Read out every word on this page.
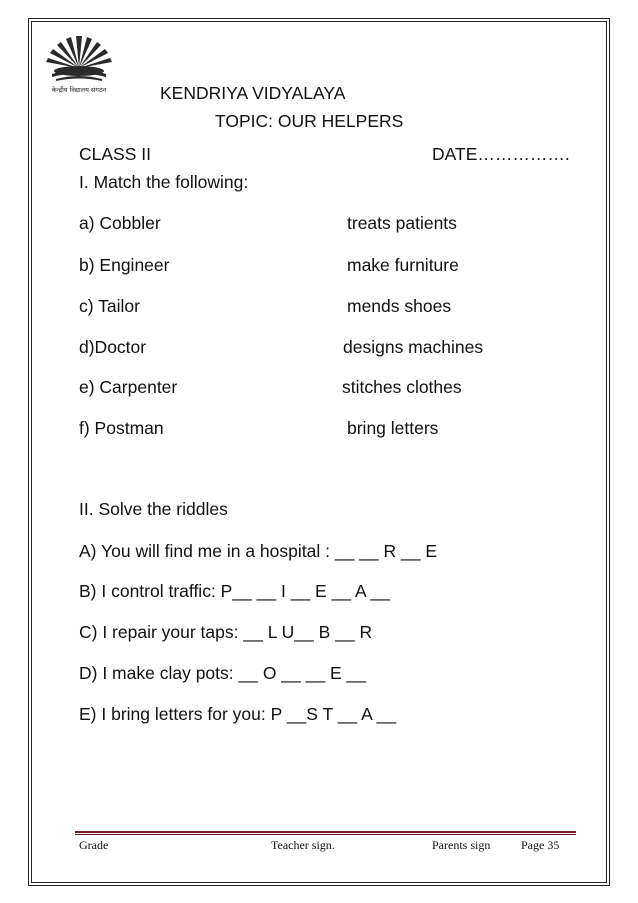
केन्द्रीय विद्यालय संगठन	KENDRIYA VIDYALAYA
TOPIC: OUR HELPERS
CLASS II	DATE…………….
I. Match the following:
a) Cobbler	treats patients
b) Engineer	make furniture
c) Tailor	mends shoes
d)Doctor	designs machines
e) Carpenter	stitches clothes
f) Postman	bring letters
II. Solve the riddles
A) You will find me in a hospital : __ __ R __ E
B) I control traffic: P__ __ I __ E __ A __
C) I repair your taps: __ L U__ B __ R
D) I make clay pots: __ O __ __ E __
E) I bring letters for you: P __S T __ A __
Grade	Teacher sign.	Parents sign	Page 35
